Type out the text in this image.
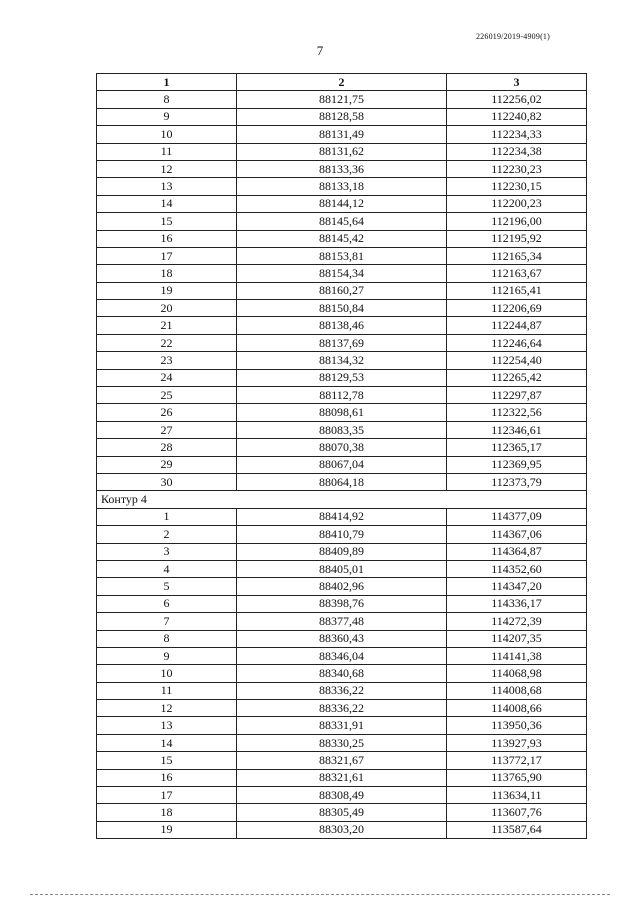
226019/2019-4909(1)
7
1	2	3
8	88121,75	112256,02
9	88128,58	112240,82
10	88131,49	112234,33
11	88131,62	112234,38
12	88133,36	112230,23
13	88133,18	112230,15
14	88144,12	112200,23
15	88145,64	112196,00
16	88145,42	112195,92
17	88153,81	112165,34
18	88154,34	112163,67
19	88160,27	112165,41
20	88150,84	112206,69
21	88138,46	112244,87
22	88137,69	112246,64
23	88134,32	112254,40
24	88129,53	112265,42
25	88112,78	112297,87
26	88098,61	112322,56
27	88083,35	112346,61
28	88070,38	112365,17
29	88067,04	112369,95
30	88064,18	112373,79
Контур 4		
1	88414,92	114377,09
2	88410,79	114367,06
3	88409,89	114364,87
4	88405,01	114352,60
5	88402,96	114347,20
6	88398,76	114336,17
7	88377,48	114272,39
8	88360,43	114207,35
9	88346,04	114141,38
10	88340,68	114068,98
11	88336,22	114008,68
12	88336,22	114008,66
13	88331,91	113950,36
14	88330,25	113927,93
15	88321,67	113772,17
16	88321,61	113765,90
17	88308,49	113634,11
18	88305,49	113607,76
19	88303,20	113587,64
